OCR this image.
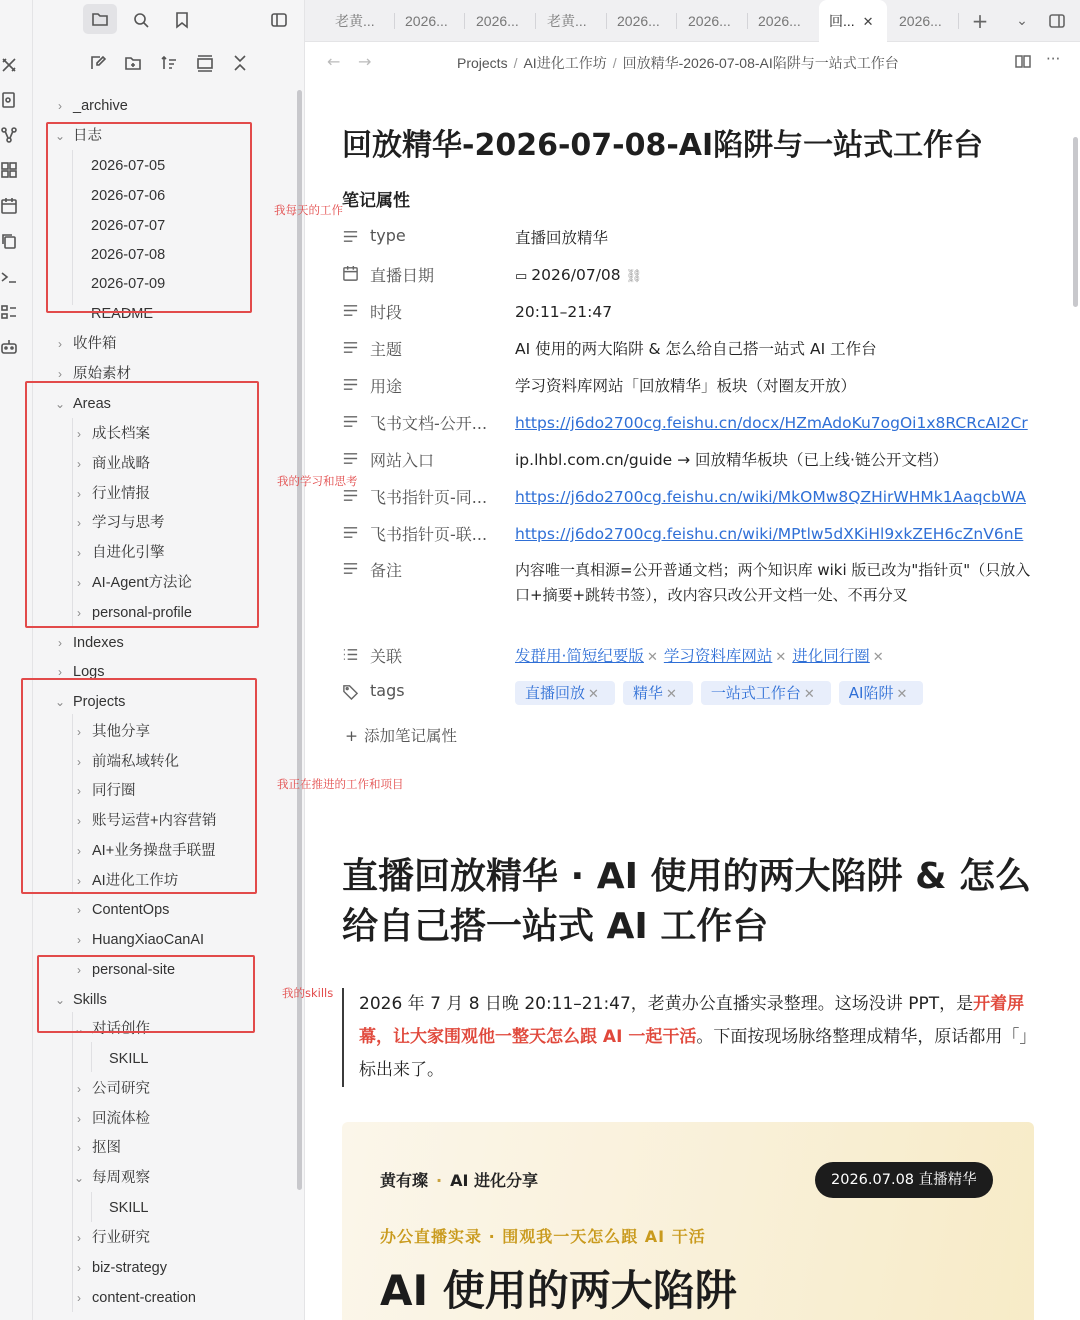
› _archive
⌄ 日志
2026-07-05
2026-07-06
2026-07-07
2026-07-08
2026-07-09
README
› 收件箱
› 原始素材
⌄ Areas
› 成长档案
› 商业战略
› 行业情报
› 学习与思考
› 自进化引擎
› AI-Agent方法论
› personal-profile
› Indexes
› Logs
⌄ Projects
› 其他分享
› 前端私域转化
› 同行圈
› 账号运营+内容营销
› AI+业务操盘手联盟
› AI进化工作坊
› ContentOps
› HuangXiaoCanAI
› personal-site
⌄ Skills
⌄ 对话创作
SKILL
› 公司研究
› 回流体检
› 抠图
⌄ 每周观察
SKILL
› 行业研究
› biz-strategy
› content-creation
我每天的工作
我的学习和思考
我正在推进的工作和项目
我的skills
老黄...	2026...	2026...	老黄...	2026...	2026...	2026...	回... ✕	2026...	+	⌄
← →	Projects / AI进化工作坊 / 回放精华-2026-07-08-AI陷阱与一站式工作台	···
回放精华-2026-07-08-AI陷阱与一站式工作台
笔记属性
type	直播回放精华
直播日期	▭ 2026/07/08 ⛓
时段	20:11–21:47
主题	AI 使用的两大陷阱 & 怎么给自己搭一站式 AI 工作台
用途	学习资料库网站「回放精华」板块（对圈友开放）
飞书文档-公开... https://j6do2700cg.feishu.cn/docx/HZmAdoKu7ogOi1x8RCRcAI2Cr
网站入口	ip.lhbl.com.cn/guide → 回放精华板块（已上线·链公开文档）
飞书指针页-同... https://j6do2700cg.feishu.cn/wiki/MkOMw8QZHirWHMk1AaqcbWA
飞书指针页-联... https://j6do2700cg.feishu.cn/wiki/MPtlw5dXKiHl9xkZEH6cZnV6nE
备注	内容唯一真相源=公开普通文档；两个知识库 wiki 版已改为"指针页"（只放入口+摘要+跳转书签），改内容只改公开文档一处、不再分叉
关联	发群用·简短纪要版 ✕ 学习资料库网站 ✕ 进化同行圈 ✕
tags	直播回放 ✕ 精华 ✕ 一站式工作台 ✕ AI陷阱 ✕
+ 添加笔记属性
直播回放精华 · AI 使用的两大陷阱 & 怎么给自己搭一站式 AI 工作台
2026 年 7 月 8 日晚 20:11–21:47，老黄办公直播实录整理。这场没讲 PPT，是开着屏幕，让大家围观他一整天怎么跟 AI 一起干活。下面按现场脉络整理成精华，原话都用「」标出来了。
黄有璨 · AI 进化分享	2026.07.08 直播精华
办公直播实录 · 围观我一天怎么跟 AI 干活
AI 使用的两大陷阱
